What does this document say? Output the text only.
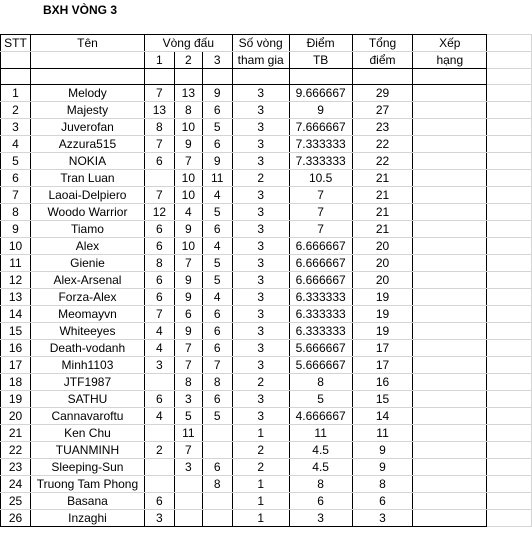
BXH VÒNG 3
STT	Tên	Vòng đấu			Số vòng	Điểm	Tổng	Xếp	
		1	2	3	tham gia	TB	điểm	hạng	

1	Melody	7	13	9	3	9.666667	29		
2	Majesty	13	8	6	3	9	27		
3	Juverofan	8	10	5	3	7.666667	23		
4	Azzura515	7	9	6	3	7.333333	22		
5	NOKIA	6	7	9	3	7.333333	22		
6	Tran Luan		10	11	2	10.5	21		
7	Laoai-Delpiero	7	10	4	3	7	21		
8	Woodo Warrior	12	4	5	3	7	21		
9	Tiamo	6	9	6	3	7	21		
10	Alex	6	10	4	3	6.666667	20		
11	Gienie	8	7	5	3	6.666667	20		
12	Alex-Arsenal	6	9	5	3	6.666667	20		
13	Forza-Alex	6	9	4	3	6.333333	19		
14	Meomayvn	7	6	6	3	6.333333	19		
15	Whiteeyes	4	9	6	3	6.333333	19		
16	Death-vodanh	4	7	6	3	5.666667	17		
17	Minh1103	3	7	7	3	5.666667	17		
18	JTF1987		8	8	2	8	16		
19	SATHU	6	3	6	3	5	15		
20	Cannavaroftu	4	5	5	3	4.666667	14		
21	Ken Chu		11		1	11	11		
22	TUANMINH	2	7		2	4.5	9		
23	Sleeping-Sun		3	6	2	4.5	9		
24	Truong Tam Phong			8	1	8	8		
25	Basana	6			1	6	6		
26	Inzaghi	3			1	3	3		
